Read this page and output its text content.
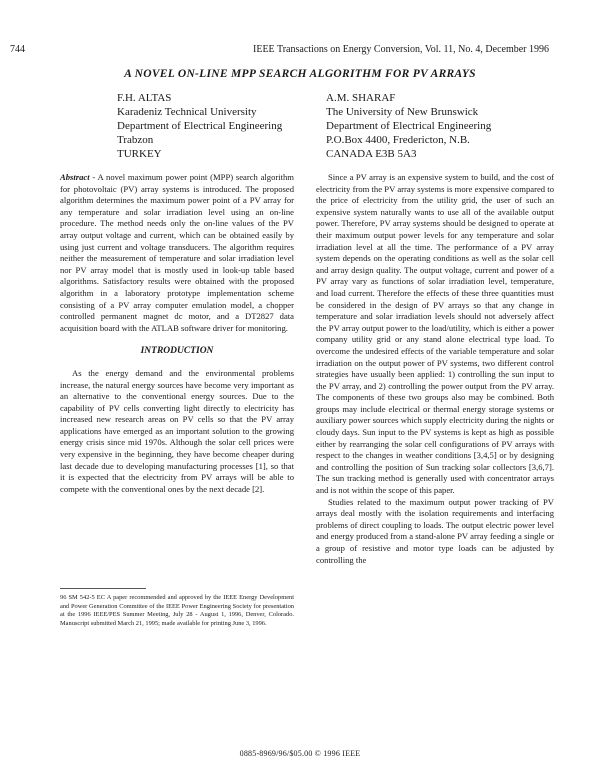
744	IEEE Transactions on Energy Conversion, Vol. 11, No. 4, December 1996
A NOVEL ON-LINE MPP SEARCH ALGORITHM FOR PV ARRAYS
F.H. ALTAS
Karadeniz Technical University
Department of Electrical Engineering
Trabzon
TURKEY
A.M. SHARAF
The University of New Brunswick
Department of Electrical Engineering
P.O.Box 4400, Fredericton, N.B.
CANADA E3B 5A3

Abstract - A novel maximum power point (MPP) search algorithm for photovoltaic (PV) array systems is introduced. The proposed algorithm determines the maximum power point of a PV array for any temperature and solar irradiation level using an on-line procedure. The method needs only the on-line values of the PV array output voltage and current, which can be obtained easily by using just current and voltage transducers. The algorithm requires neither the measurement of temperature and solar irradiation level nor PV array model that is mostly used in look-up table based algorithms. Satisfactory results were obtained with the proposed algorithm in a laboratory prototype implementation scheme consisting of a PV array computer emulation model, a chopper controlled permanent magnet dc motor, and a DT2827 data acquisition board with the ATLAB software driver for monitoring.

INTRODUCTION

As the energy demand and the environmental problems increase, the natural energy sources have become very important as an alternative to the conventional energy sources. Due to the capability of PV cells converting light directly to electricity has increased new research areas on PV cells so that the PV array applications have emerged as an important solution to the growing energy crisis since mid 1970s. Although the solar cell prices were very expensive in the beginning, they have become cheaper during last decade due to developing manufacturing processes [1], so that it is expected that the electricity from PV arrays will be able to compete with the conventional ones by the next decade [2].

96 SM 542-5 EC A paper recommended and approved by the IEEE Energy Development and Power Generation Committee of the IEEE Power Engineering Society for presentation at the 1996 IEEE/PES Summer Meeting, July 28 - August 1, 1996, Denver, Colorado. Manuscript submitted March 21, 1995; made available for printing June 3, 1996.

Since a PV array is an expensive system to build, and the cost of electricity from the PV array systems is more expensive compared to the price of electricity from the utility grid, the user of such an expensive system naturally wants to use all of the available output power. Therefore, PV array systems should be designed to operate at their maximum output power levels for any temperature and solar irradiation level at all the time. The performance of a PV array system depends on the operating conditions as well as the solar cell and array design quality. The output voltage, current and power of a PV array vary as functions of solar irradiation level, temperature, and load current. Therefore the effects of these three quantities must be considered in the design of PV arrays so that any change in temperature and solar irradiation levels should not adversely affect the PV array output power to the load/utility, which is either a power company utility grid or any stand alone electrical type load. To overcome the undesired effects of the variable temperature and solar irradiation on the output power of PV systems, two different control strategies have usually been applied: 1) controlling the sun input to the PV array, and 2) controlling the power output from the PV array. The components of these two groups also may be combined. Both groups may include electrical or thermal energy storage systems or auxiliary power sources which supply electricity during the nights or cloudy days. Sun input to the PV systems is kept as high as possible either by rearranging the solar cell configurations of PV arrays with respect to the changes in weather conditions [3,4,5] or by designing and controlling the position of Sun tracking solar collectors [3,6,7]. The sun tracking method is generally used with concentrator arrays and is not within the scope of this paper.

Studies related to the maximum output power tracking of PV arrays deal mostly with the isolation requirements and interfacing problems of direct coupling to loads. The output electric power level and energy produced from a stand-alone PV array feeding a single or a group of resistive and motor type loads can be adjusted by controlling the

0885-8969/96/$05.00 © 1996 IEEE
